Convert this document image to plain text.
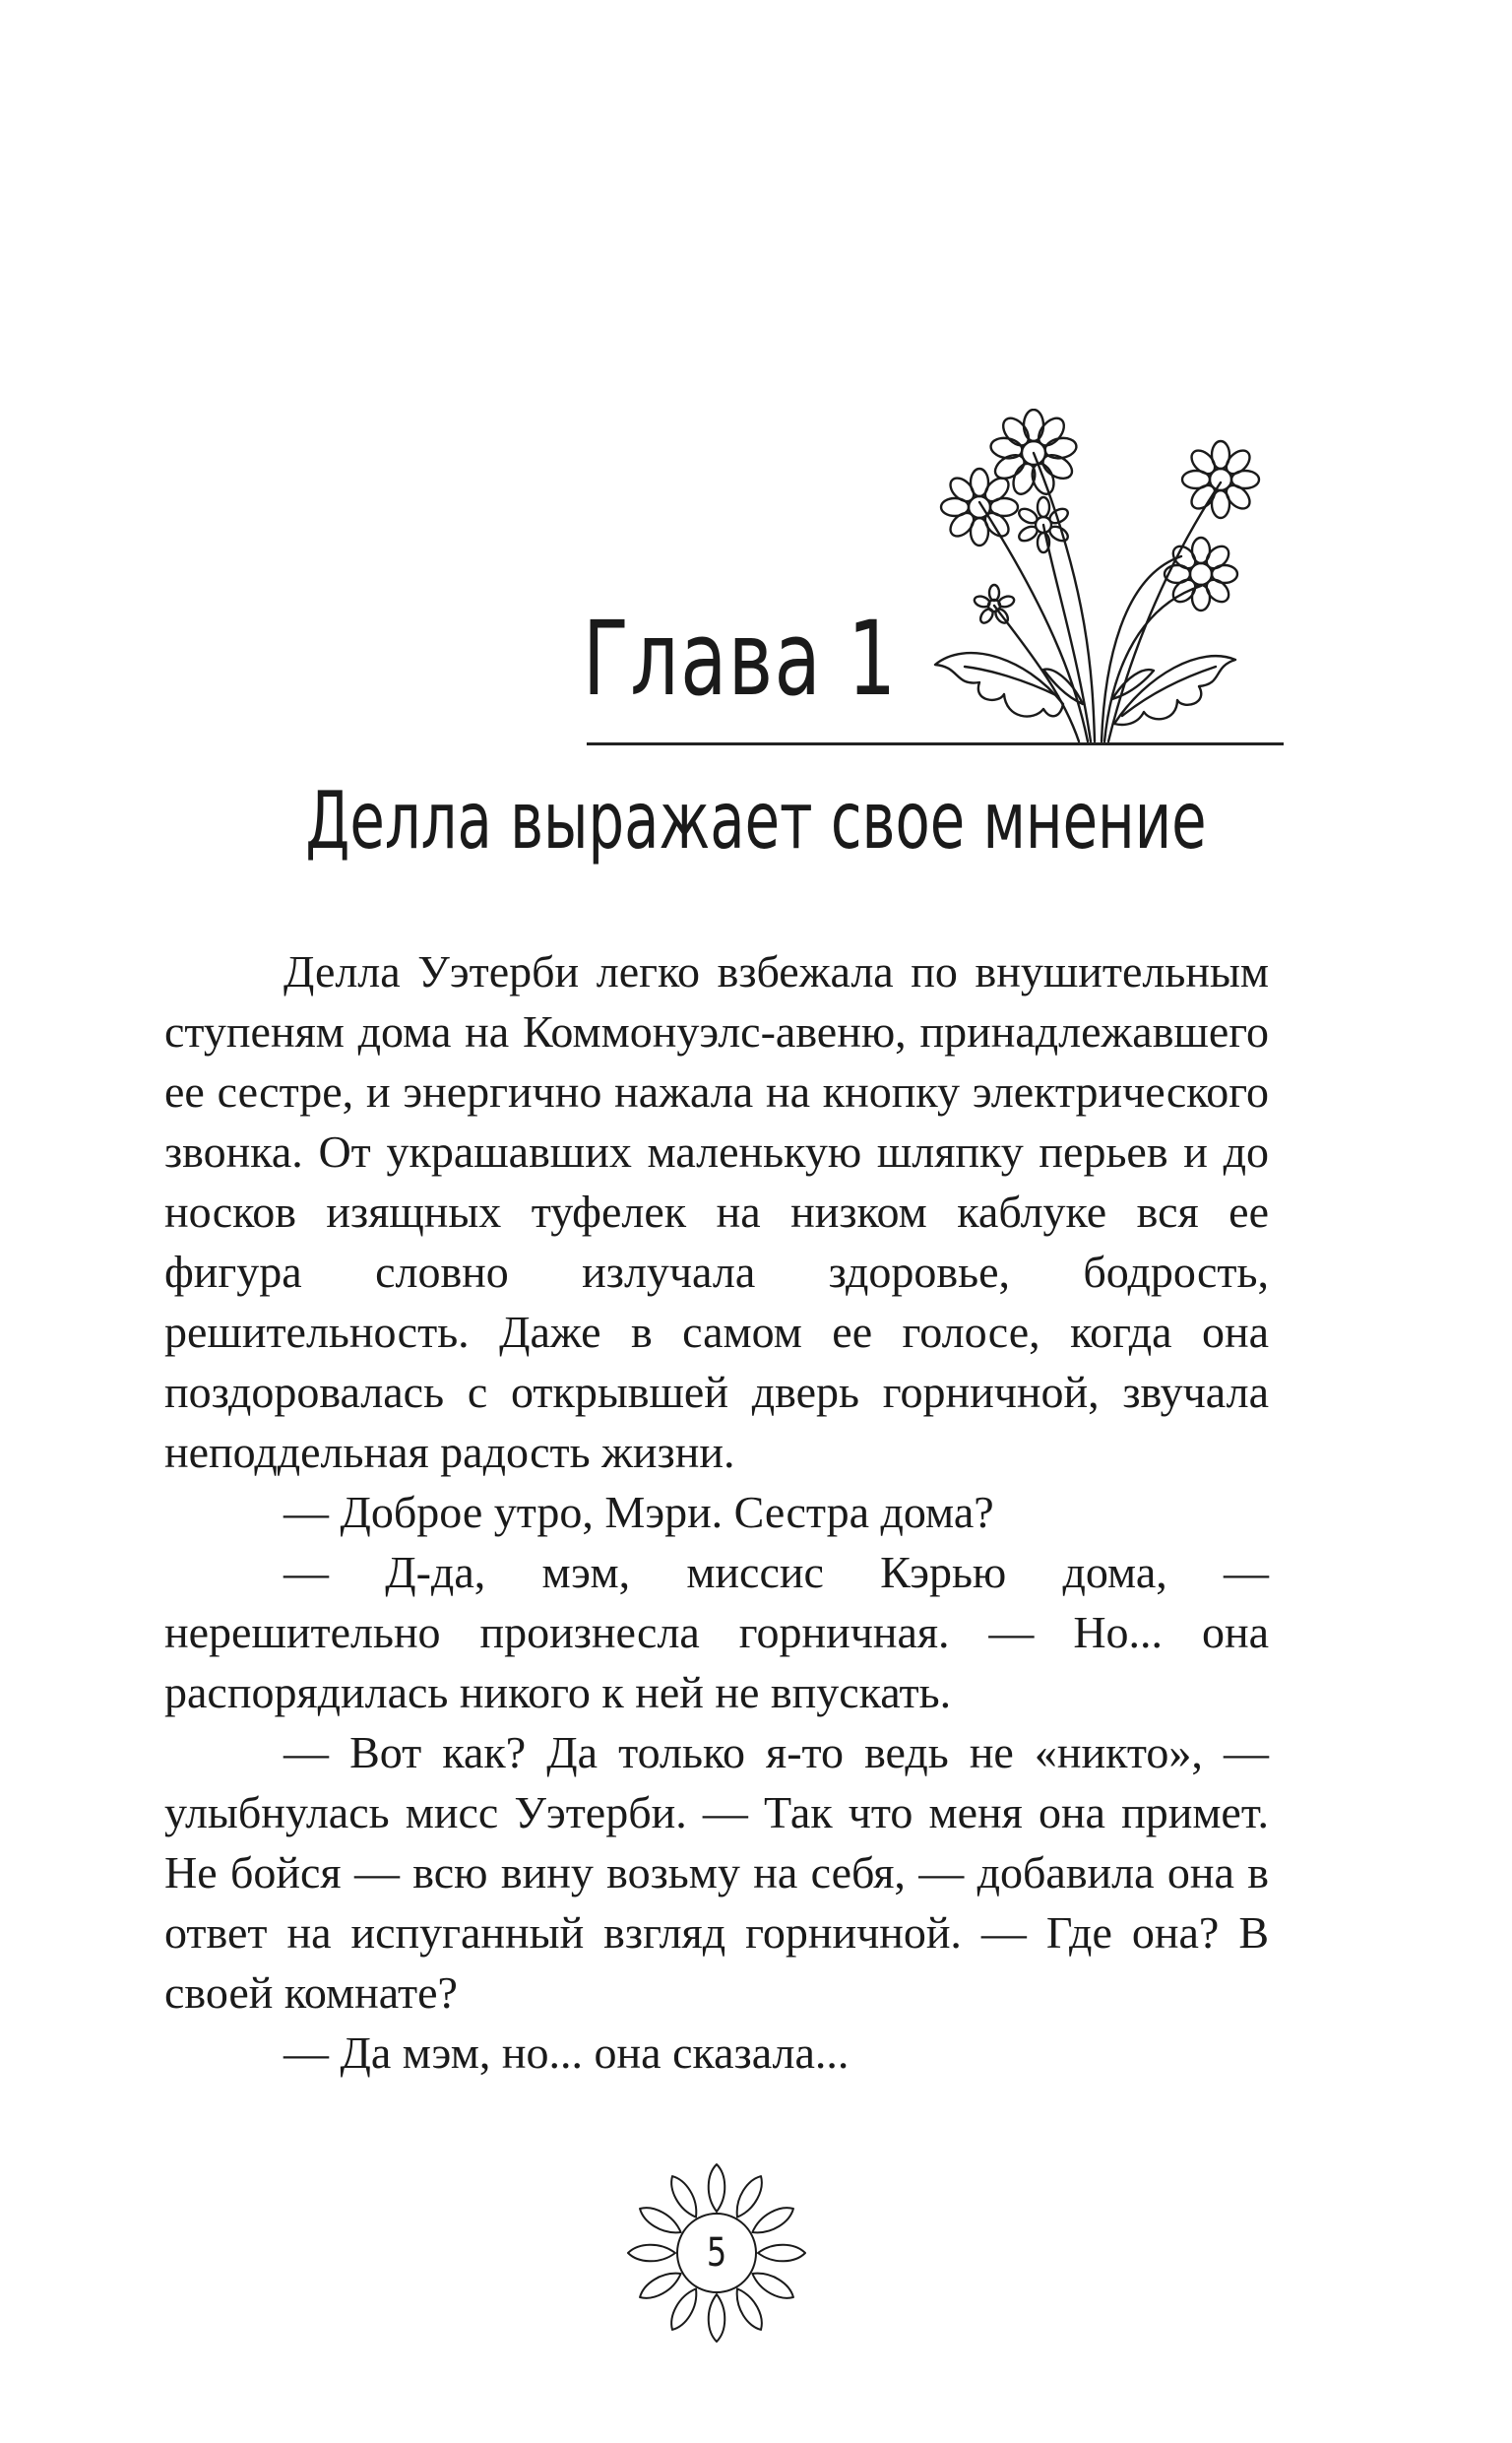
Глава 1
Делла выражает свое мнение

Делла Уэтерби легко взбежала по внушительным ступеням дома на Коммонуэлс-авеню, принадлежавшего ее сестре, и энергично нажала на кнопку электрического звонка. От украшавших маленькую шляпку перьев и до носков изящных туфелек на низком каблуке вся ее фигура словно излучала здоровье, бодрость, решительность. Даже в самом ее голосе, когда она поздоровалась с открывшей дверь горничной, звучала неподдельная радость жизни.

— Доброе утро, Мэри. Сестра дома?

— Д-да, мэм, миссис Кэрью дома, — нерешительно произнесла горничная. — Но... она распорядилась никого к ней не впускать.

— Вот как? Да только я-то ведь не «никто», — улыбнулась мисс Уэтерби. — Так что меня она примет. Не бойся — всю вину возьму на себя, — добавила она в ответ на испуганный взгляд горничной. — Где она? В своей комнате?

— Да мэм, но... она сказала...

5
